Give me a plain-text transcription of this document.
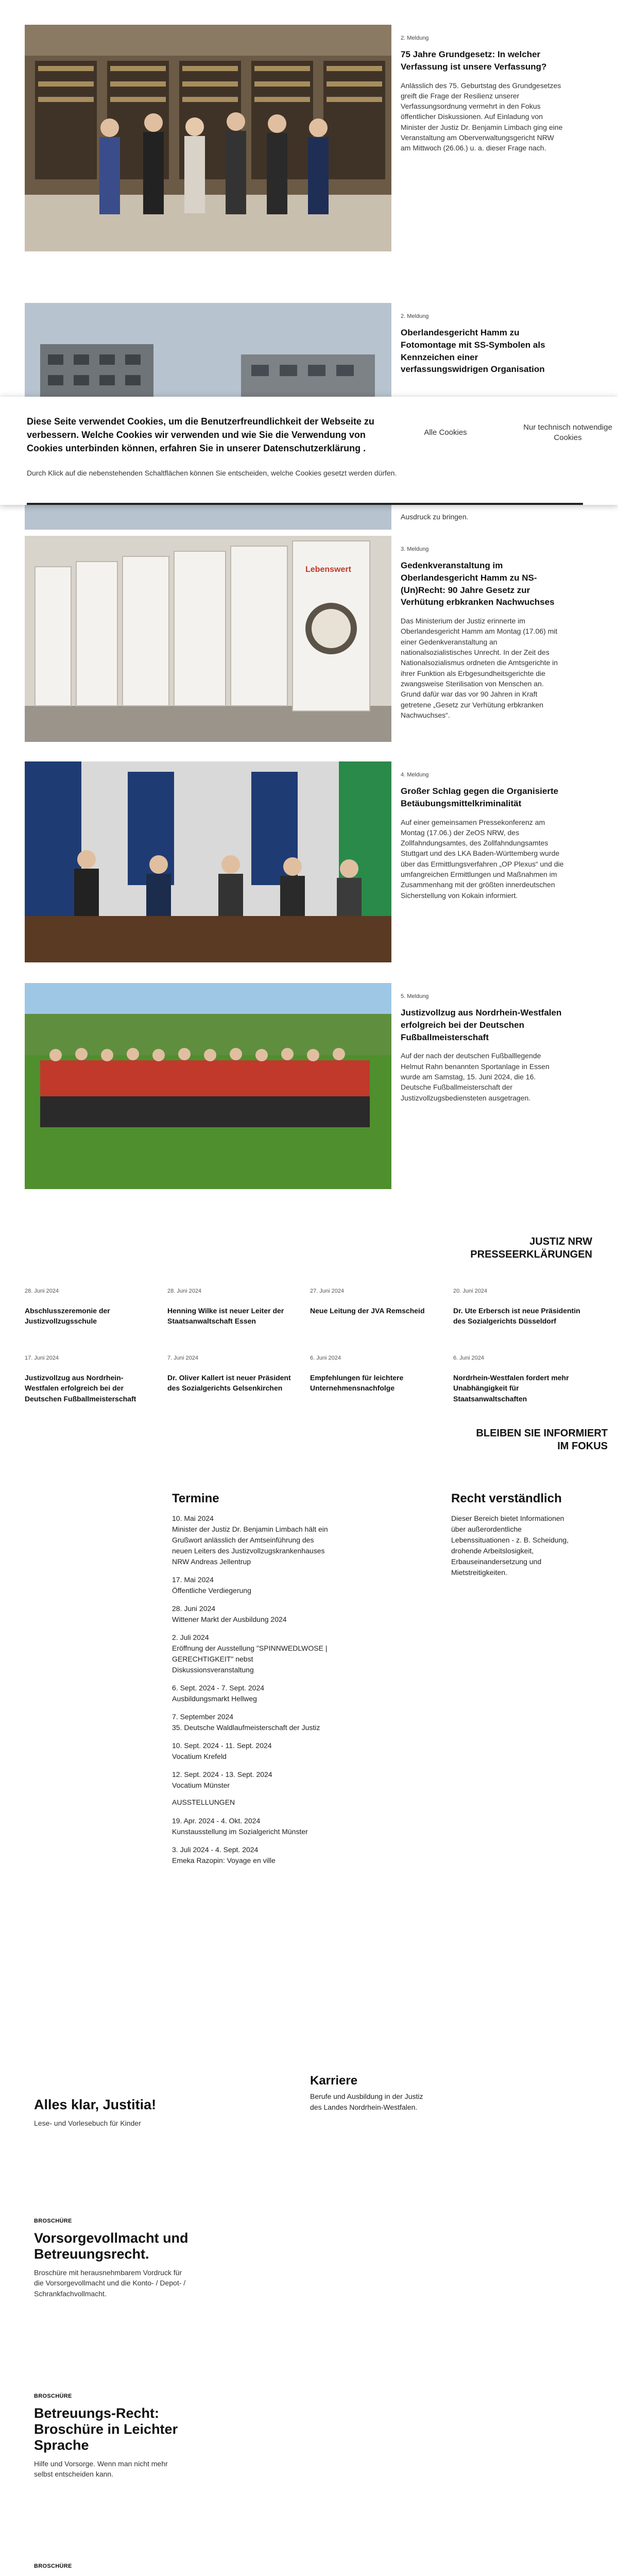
2. Meldung
75 Jahre Grundgesetz: In welcher Verfassung ist unsere Verfassung?
Anlässlich des 75. Geburtstag des Grundgesetzes greift die Frage der Resilienz unserer Verfassungsordnung vermehrt in den Fokus öffentlicher Diskussionen. Auf Einladung von Minister der Justiz Dr. Benjamin Limbach ging eine Veranstaltung am Oberverwaltungsgericht NRW am Mittwoch (26.06.) u. a. dieser Frage nach.
2. Meldung
Oberlandesgericht Hamm zu Fotomontage mit SS-Symbolen als Kennzeichen einer verfassungswidrigen Organisation
Ausdruck zu bringen.
Lebenswert
3. Meldung
Gedenkveranstaltung im Oberlandesgericht Hamm zu NS-(Un)Recht: 90 Jahre Gesetz zur Verhütung erbkranken Nachwuchses
Das Ministerium der Justiz erinnerte im Oberlandesgericht Hamm am Montag (17.06) mit einer Gedenkveranstaltung an nationalsozialistisches Unrecht. In der Zeit des Nationalsozialismus ordneten die Amtsgerichte in ihrer Funktion als Erbgesundheitsgerichte die zwangsweise Sterilisation von Menschen an. Grund dafür war das vor 90 Jahren in Kraft getretene „Gesetz zur Verhütung erbkranken Nachwuchses“.
4. Meldung
Großer Schlag gegen die Organisierte Betäubungsmittelkriminalität
Auf einer gemeinsamen Pressekonferenz am Montag (17.06.) der ZeOS NRW, des Zollfahndungsamtes, des Zollfahndungsamtes Stuttgart und des LKA Baden-Württemberg wurde über das Ermittlungsverfahren „OP Plexus“ und die umfangreichen Ermittlungen und Maßnahmen im Zusammenhang mit der größten innerdeutschen Sicherstellung von Kokain informiert.
5. Meldung
Justizvollzug aus Nordrhein-Westfalen erfolgreich bei der Deutschen Fußballmeisterschaft
Auf der nach der deutschen Fußballlegende Helmut Rahn benannten Sportanlage in Essen wurde am Samstag, 15. Juni 2024, die 16. Deutsche Fußballmeisterschaft der Justizvollzugsbediensteten ausgetragen.
Diese Seite verwendet Cookies, um die Benutzerfreundlichkeit der Webseite zu verbessern. Welche Cookies wir verwenden und wie Sie die Verwendung von Cookies unterbinden können, erfahren Sie in unserer Datenschutzerklärung .
Durch Klick auf die nebenstehenden Schaltflächen können Sie entscheiden, welche Cookies gesetzt werden dürfen.
Alle Cookies
Nur technisch notwendige Cookies
JUSTIZ NRW
PRESSEERKLÄRUNGEN
28. Juni 2024
Abschlusszeremonie der Justizvollzugsschule
28. Juni 2024
Henning Wilke ist neuer Leiter der Staatsanwaltschaft Essen
27. Juni 2024
Neue Leitung der JVA Remscheid
20. Juni 2024
Dr. Ute Erbersch ist neue Präsidentin des Sozialgerichts Düsseldorf
17. Juni 2024
Justizvollzug aus Nordrhein-Westfalen erfolgreich bei der Deutschen Fußballmeisterschaft
7. Juni 2024
Dr. Oliver Kallert ist neuer Präsident des Sozialgerichts Gelsenkirchen
6. Juni 2024
Empfehlungen für leichtere Unternehmensnachfolge
6. Juni 2024
Nordrhein-Westfalen fordert mehr Unabhängigkeit für Staatsanwaltschaften
BLEIBEN SIE INFORMIERT
IM FOKUS
Termine
10. Mai 2024
Minister der Justiz Dr. Benjamin Limbach hält ein Grußwort anlässlich der Amtseinführung des neuen Leiters des Justizvollzugskrankenhauses NRW Andreas Jellentrup
17. Mai 2024
Öffentliche Verdiegerung
28. Juni 2024
Wittener Markt der Ausbildung 2024
2. Juli 2024
Eröffnung der Ausstellung "SPINNWEDLWOSE | GERECHTIGKEIT" nebst Diskussionsveranstaltung
6. Sept. 2024 - 7. Sept. 2024
Ausbildungsmarkt Hellweg
7. September 2024
35. Deutsche Waldlaufmeisterschaft der Justiz
10. Sept. 2024 - 11. Sept. 2024
Vocatium Krefeld
12. Sept. 2024 - 13. Sept. 2024
Vocatium Münster
AUSSTELLUNGEN
19. Apr. 2024 - 4. Okt. 2024
Kunstausstellung im Sozialgericht Münster
3. Juli 2024 - 4. Sept. 2024
Emeka Razopin: Voyage en ville
Recht verständlich
Dieser Bereich bietet Informationen über außerordentliche Lebenssituationen - z. B. Scheidung, drohende Arbeitslosigkeit, Erbauseinandersetzung und Mietstreitigkeiten.
Karriere
Berufe und Ausbildung in der Justiz des Landes Nordrhein-Westfalen.
Alles klar, Justitia!
Lese- und Vorlesebuch für Kinder
BROSCHÜRE
Vorsorgevollmacht und Betreuungsrecht.
Broschüre mit herausnehmbarem Vordruck für die Vorsorgevollmacht und die Konto- / Depot- / Schrankfachvollmacht.
BROSCHÜRE
Betreuungs-Recht: Broschüre in Leichter Sprache
Hilfe und Vorsorge. Wenn man nicht mehr selbst entscheiden kann.
BROSCHÜRE
